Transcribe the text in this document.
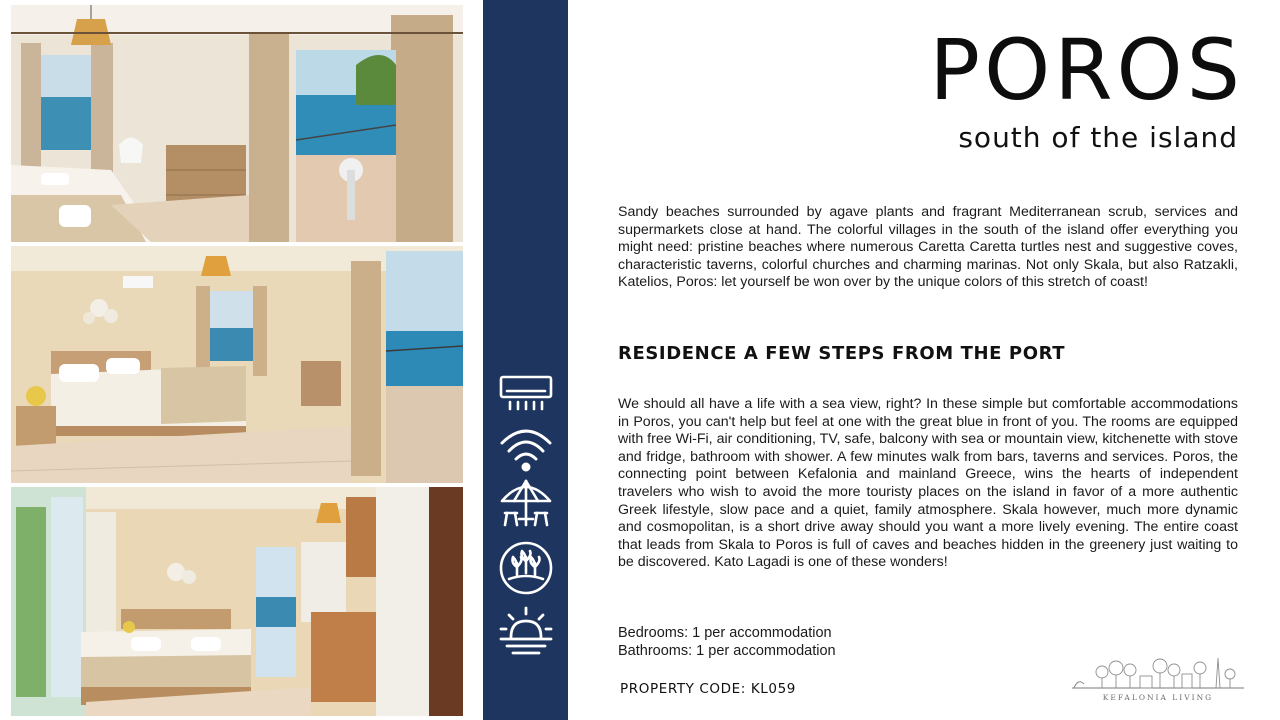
POROS
south of the island

Sandy beaches surrounded by agave plants and fragrant Mediterranean scrub, services and supermarkets close at hand. The colorful villages in the south of the island offer everything you might need: pristine beaches where numerous Caretta Caretta turtles nest and suggestive coves, characteristic taverns, colorful churches and charming marinas. Not only Skala, but also Ratzakli, Katelios, Poros: let yourself be won over by the unique colors of this stretch of coast!

RESIDENCE A FEW STEPS FROM THE PORT

We should all have a life with a sea view, right? In these simple but comfortable accommodations in Poros, you can't help but feel at one with the great blue in front of you. The rooms are equipped with free Wi-Fi, air conditioning, TV, safe, balcony with sea or mountain view, kitchenette with stove and fridge, bathroom with shower. A few minutes walk from bars, taverns and services. Poros, the connecting point between Kefalonia and mainland Greece, wins the hearts of independent travelers who wish to avoid the more touristy places on the island in favor of a more authentic Greek lifestyle, slow pace and a quiet, family atmosphere. Skala however, much more dynamic and cosmopolitan, is a short drive away should you want a more lively evening. The entire coast that leads from Skala to Poros is full of caves and beaches hidden in the greenery just waiting to be discovered. Kato Lagadi is one of these wonders!

Bedrooms: 1 per accommodation
Bathrooms: 1 per accommodation
PROPERTY CODE: KL059
KEFALONIA LIVING
